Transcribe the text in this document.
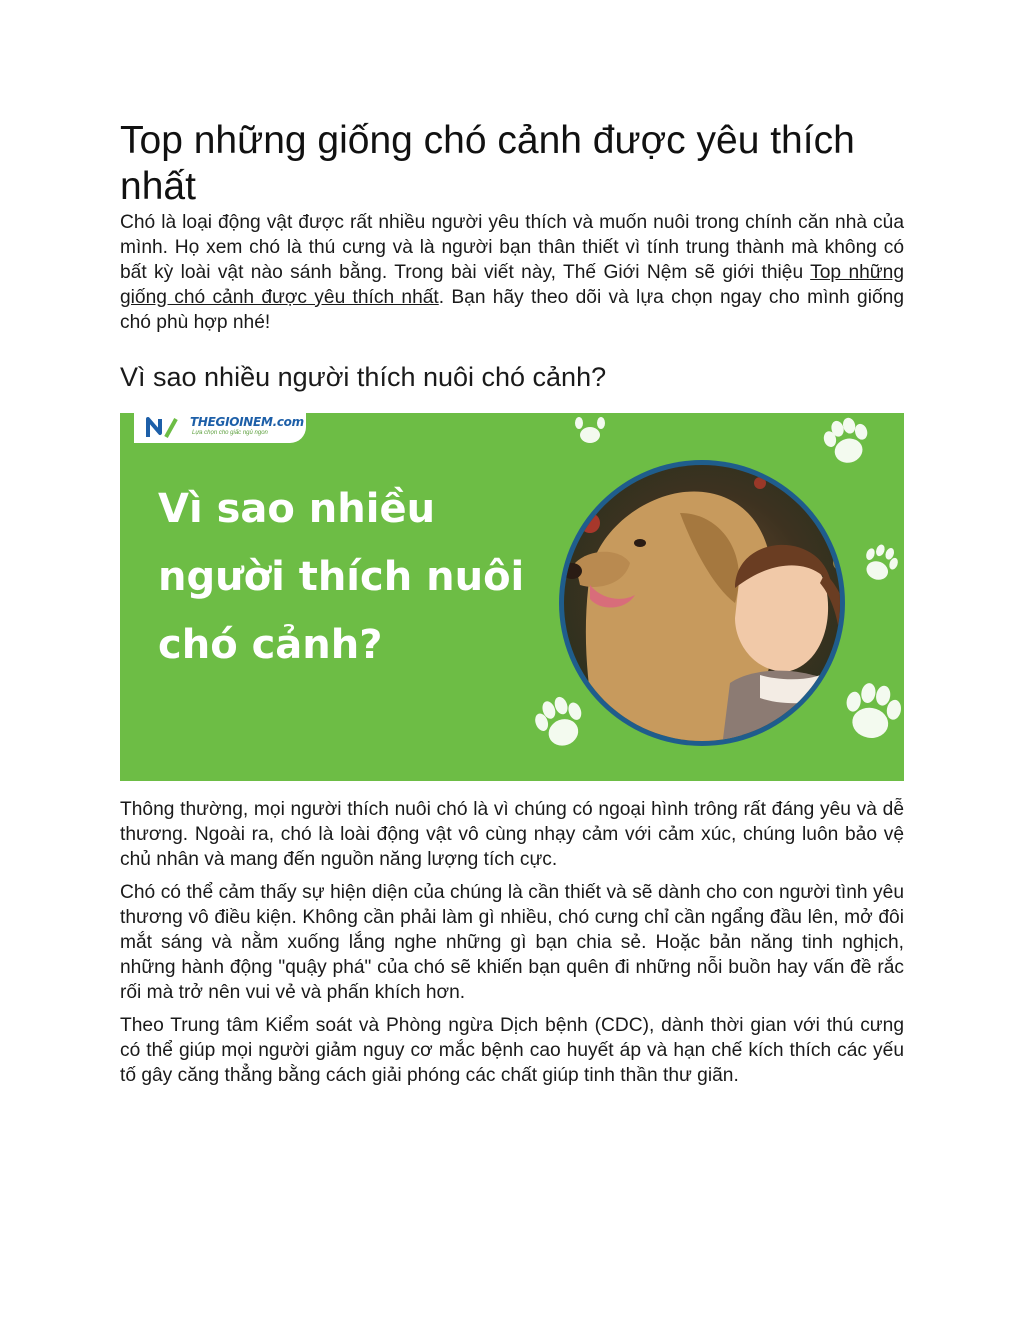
Top những giống chó cảnh được yêu thích nhất

Chó là loại động vật được rất nhiều người yêu thích và muốn nuôi trong chính căn nhà của mình. Họ xem chó là thú cưng và là người bạn thân thiết vì tính trung thành mà không có bất kỳ loài vật nào sánh bằng. Trong bài viết này, Thế Giới Nệm sẽ giới thiệu Top những giống chó cảnh được yêu thích nhất. Bạn hãy theo dõi và lựa chọn ngay cho mình giống chó phù hợp nhé!

Vì sao nhiều người thích nuôi chó cảnh?
THEGIOINEM.com
Lựa chọn cho giấc ngủ ngon

Vì sao nhiều người thích nuôi chó cảnh?

Thông thường, mọi người thích nuôi chó là vì chúng có ngoại hình trông rất đáng yêu và dễ thương. Ngoài ra, chó là loài động vật vô cùng nhạy cảm với cảm xúc, chúng luôn bảo vệ chủ nhân và mang đến nguồn năng lượng tích cực.

Chó có thể cảm thấy sự hiện diện của chúng là cần thiết và sẽ dành cho con người tình yêu thương vô điều kiện. Không cần phải làm gì nhiều, chó cưng chỉ cần ngẩng đầu lên, mở đôi mắt sáng và nằm xuống lắng nghe những gì bạn chia sẻ. Hoặc bản năng tinh nghịch, những hành động "quậy phá" của chó sẽ khiến bạn quên đi những nỗi buồn hay vấn đề rắc rối mà trở nên vui vẻ và phấn khích hơn.

Theo Trung tâm Kiểm soát và Phòng ngừa Dịch bệnh (CDC), dành thời gian với thú cưng có thể giúp mọi người giảm nguy cơ mắc bệnh cao huyết áp và hạn chế kích thích các yếu tố gây căng thẳng bằng cách giải phóng các chất giúp tinh thần thư giãn.
